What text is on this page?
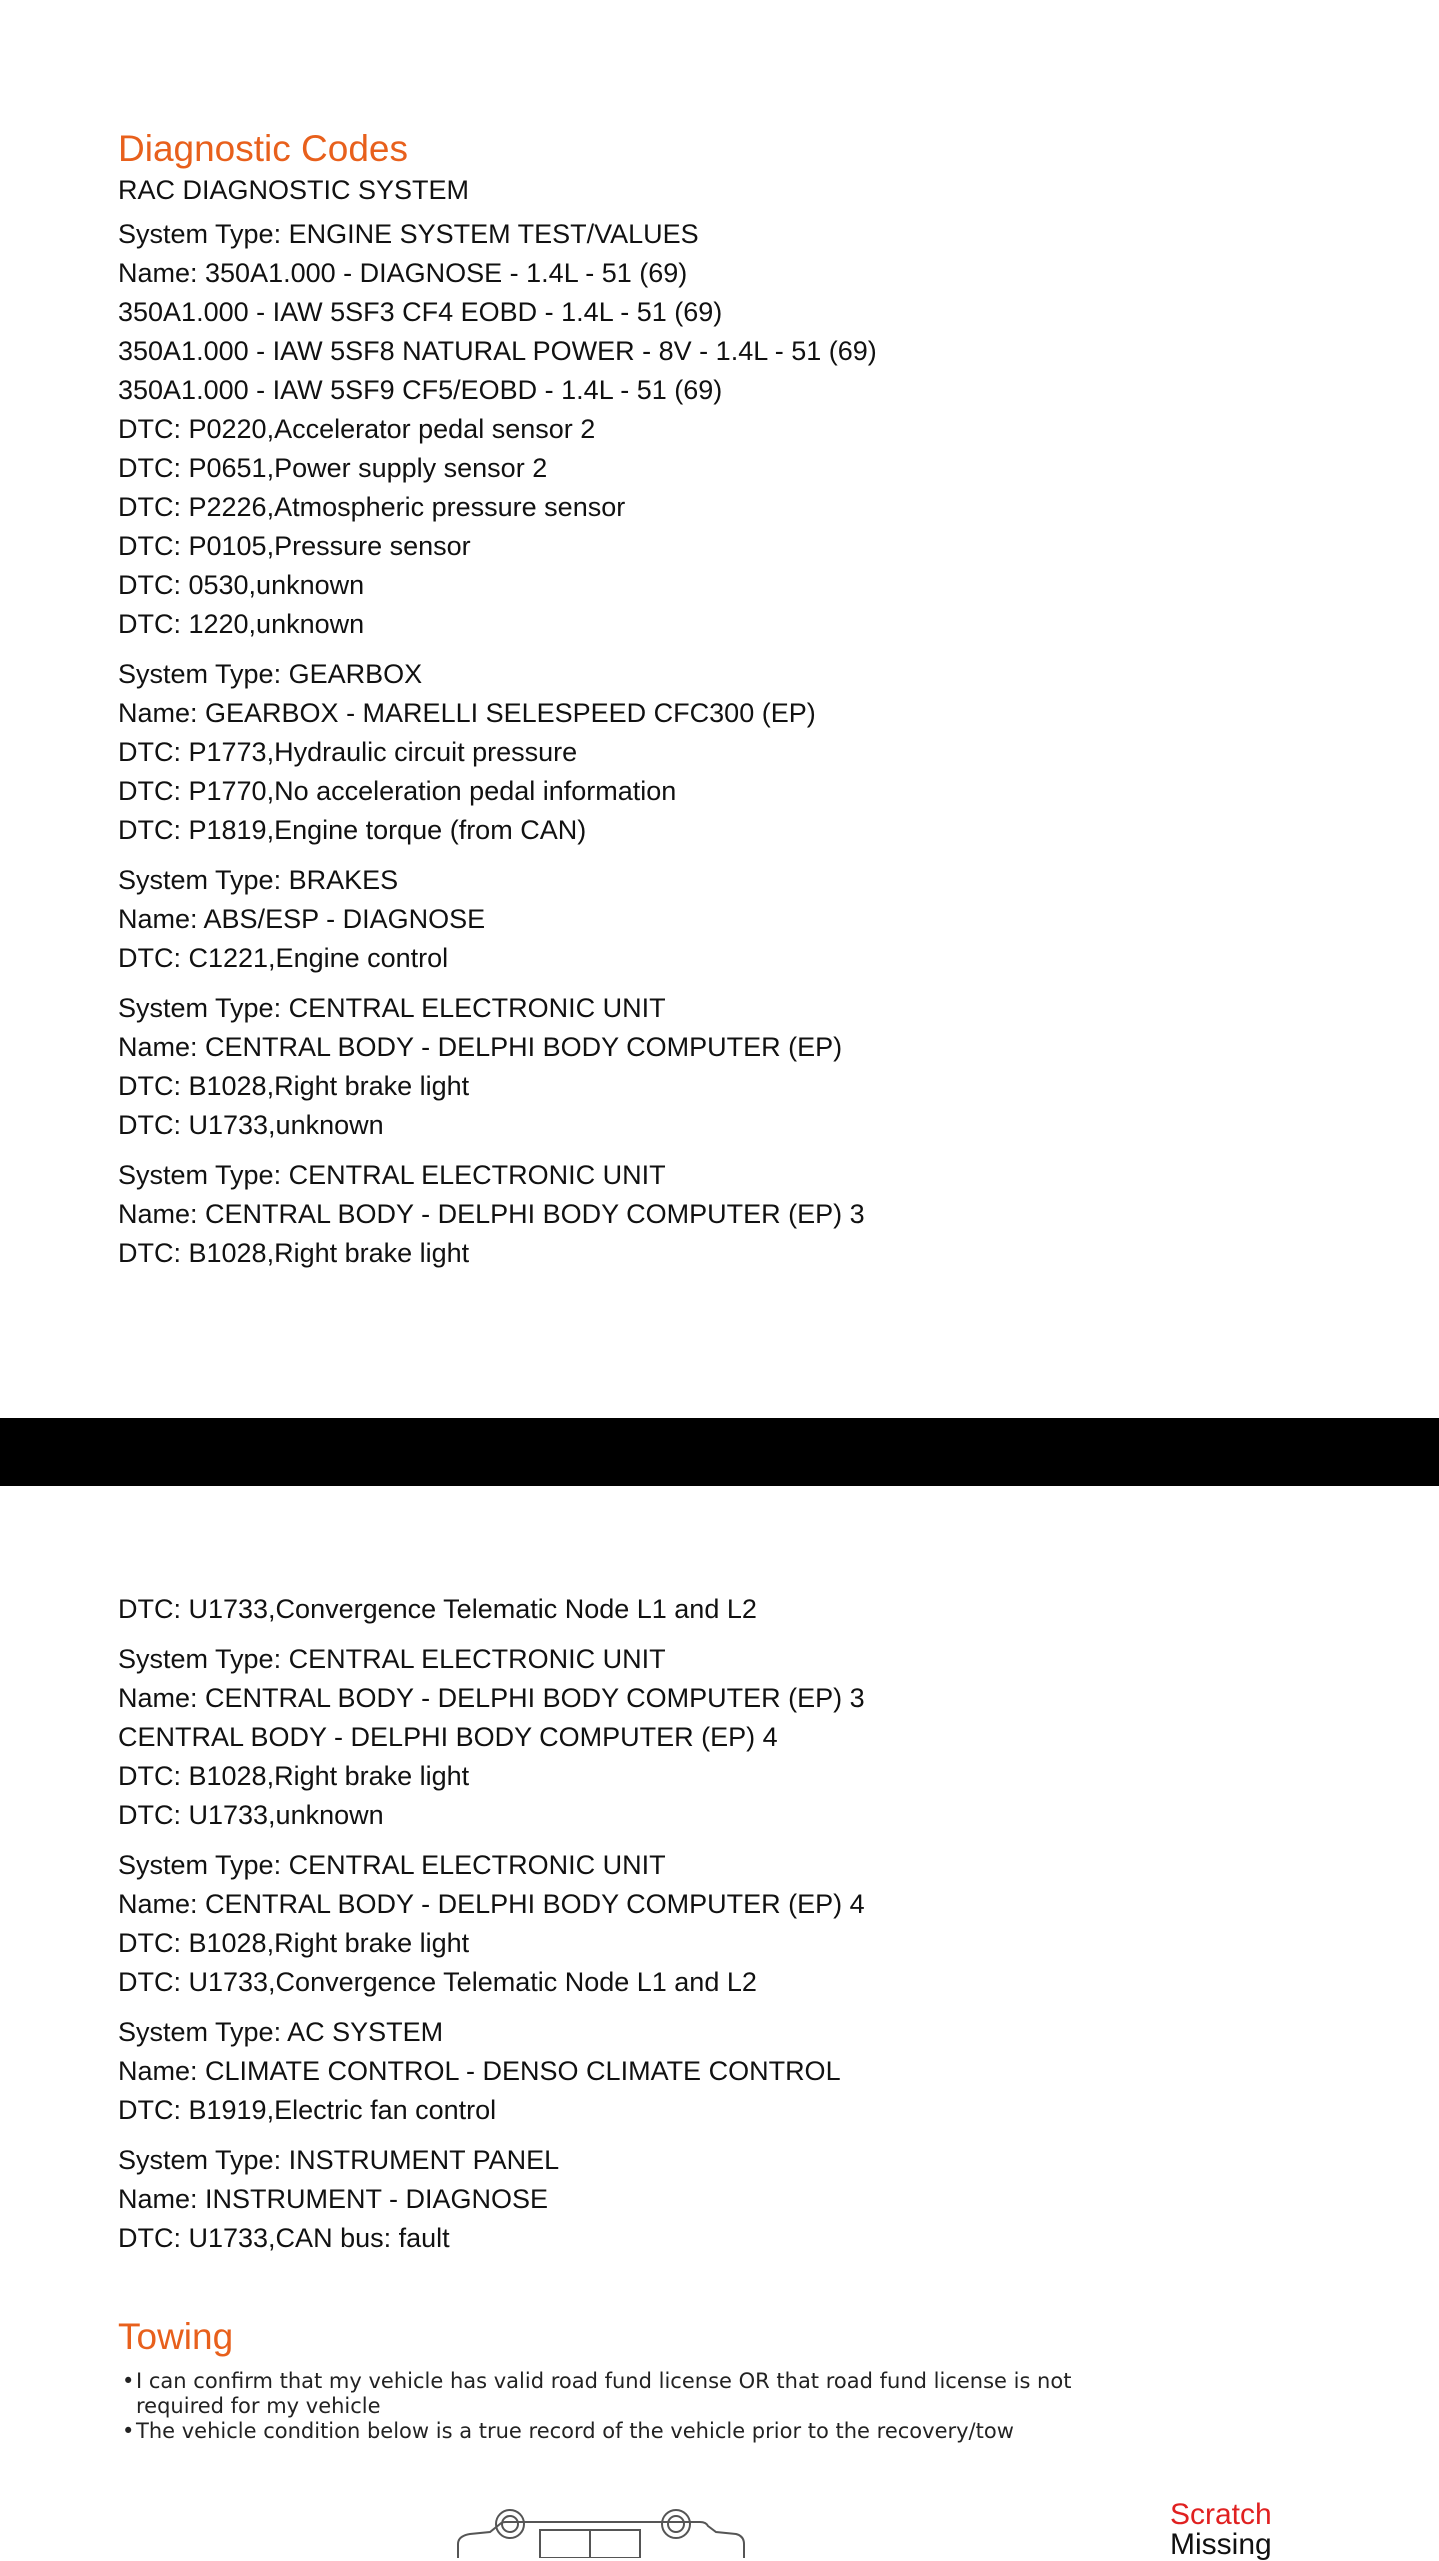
Diagnostic Codes
RAC DIAGNOSTIC SYSTEM
System Type: ENGINE SYSTEM TEST/VALUES
Name: 350A1.000 - DIAGNOSE - 1.4L - 51 (69)
350A1.000 - IAW 5SF3 CF4 EOBD - 1.4L - 51 (69)
350A1.000 - IAW 5SF8 NATURAL POWER - 8V - 1.4L - 51 (69)
350A1.000 - IAW 5SF9 CF5/EOBD - 1.4L - 51 (69)
DTC: P0220,Accelerator pedal sensor 2
DTC: P0651,Power supply sensor 2
DTC: P2226,Atmospheric pressure sensor
DTC: P0105,Pressure sensor
DTC: 0530,unknown
DTC: 1220,unknown
System Type: GEARBOX
Name: GEARBOX - MARELLI SELESPEED CFC300 (EP)
DTC: P1773,Hydraulic circuit pressure
DTC: P1770,No acceleration pedal information
DTC: P1819,Engine torque (from CAN)
System Type: BRAKES
Name: ABS/ESP - DIAGNOSE
DTC: C1221,Engine control
System Type: CENTRAL ELECTRONIC UNIT
Name: CENTRAL BODY - DELPHI BODY COMPUTER (EP)
DTC: B1028,Right brake light
DTC: U1733,unknown
System Type: CENTRAL ELECTRONIC UNIT
Name: CENTRAL BODY - DELPHI BODY COMPUTER (EP) 3
DTC: B1028,Right brake light
DTC: U1733,Convergence Telematic Node L1 and L2
System Type: CENTRAL ELECTRONIC UNIT
Name: CENTRAL BODY - DELPHI BODY COMPUTER (EP) 3
CENTRAL BODY - DELPHI BODY COMPUTER (EP) 4
DTC: B1028,Right brake light
DTC: U1733,unknown
System Type: CENTRAL ELECTRONIC UNIT
Name: CENTRAL BODY - DELPHI BODY COMPUTER (EP) 4
DTC: B1028,Right brake light
DTC: U1733,Convergence Telematic Node L1 and L2
System Type: AC SYSTEM
Name: CLIMATE CONTROL - DENSO CLIMATE CONTROL
DTC: B1919,Electric fan control
System Type: INSTRUMENT PANEL
Name: INSTRUMENT - DIAGNOSE
DTC: U1733,CAN bus: fault
Towing
• I can confirm that my vehicle has valid road fund license OR that road fund license is not required for my vehicle
• The vehicle condition below is a true record of the vehicle prior to the recovery/tow
Scratch
Missing
